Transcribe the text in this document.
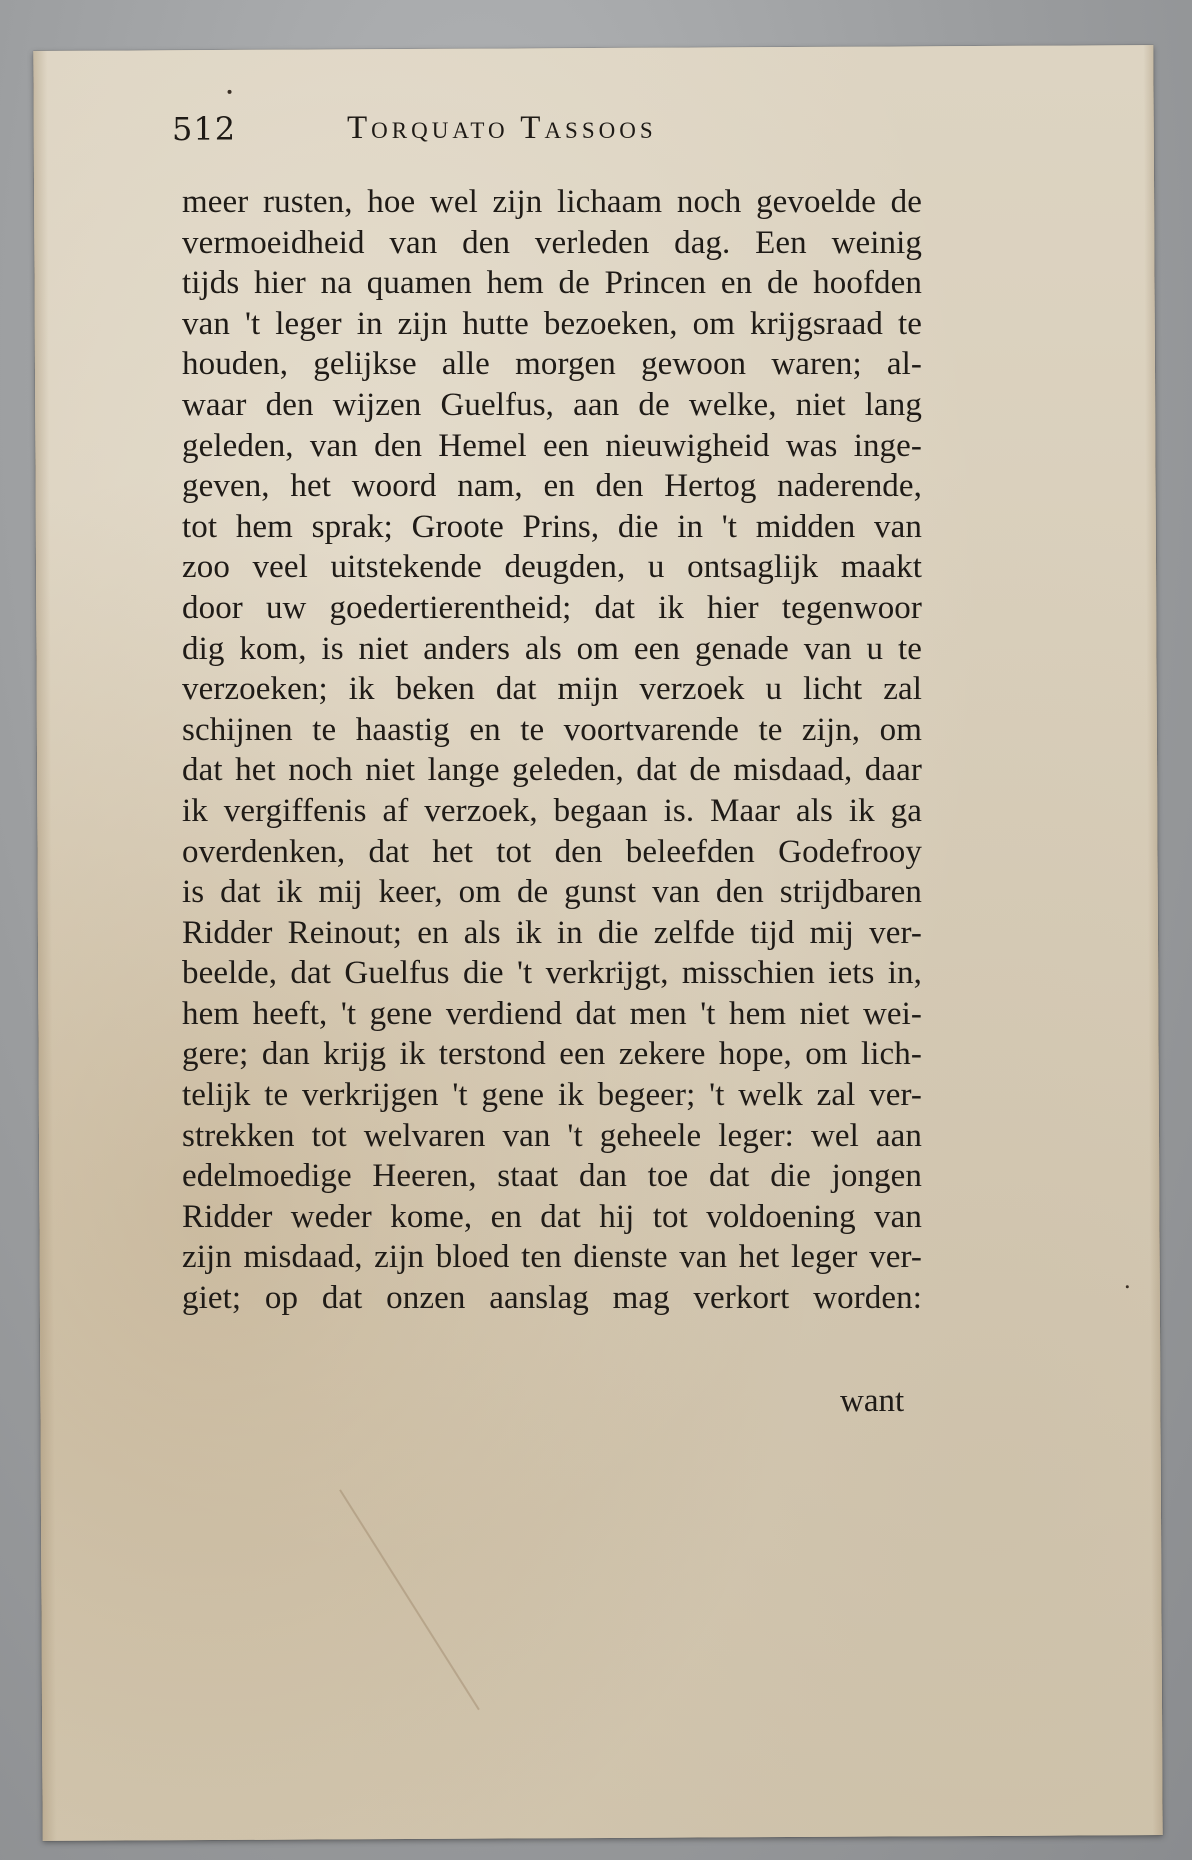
512	Torquato Tassoos
meer rusten, hoe wel zijn lichaam noch gevoelde de
vermoeidheid van den verleden dag. Een weinig
tijds hier na quamen hem de Princen en de hoofden
van 't leger in zijn hutte bezoeken, om krijgsraad te
houden, gelijkse alle morgen gewoon waren; al-
waar den wijzen Guelfus, aan de welke, niet lang
geleden, van den Hemel een nieuwigheid was inge-
geven, het woord nam, en den Hertog naderende,
tot hem sprak; Groote Prins, die in 't midden van
zoo veel uitstekende deugden, u ontsaglijk maakt
door uw goedertierentheid; dat ik hier tegenwoor
dig kom, is niet anders als om een genade van u te
verzoeken; ik beken dat mijn verzoek u licht zal
schijnen te haastig en te voortvarende te zijn, om
dat het noch niet lange geleden, dat de misdaad, daar
ik vergiffenis af verzoek, begaan is. Maar als ik ga
overdenken, dat het tot den beleefden Godefrooy
is dat ik mij keer, om de gunst van den strijdbaren
Ridder Reinout; en als ik in die zelfde tijd mij ver-
beelde, dat Guelfus die 't verkrijgt, misschien iets in,
hem heeft, 't gene verdiend dat men 't hem niet wei-
gere; dan krijg ik terstond een zekere hope, om lich-
telijk te verkrijgen 't gene ik begeer; 't welk zal ver-
strekken tot welvaren van 't geheele leger: wel aan
edelmoedige Heeren, staat dan toe dat die jongen
Ridder weder kome, en dat hij tot voldoening van
zijn misdaad, zijn bloed ten dienste van het leger ver-
giet; op dat onzen aanslag mag verkort worden:
want
